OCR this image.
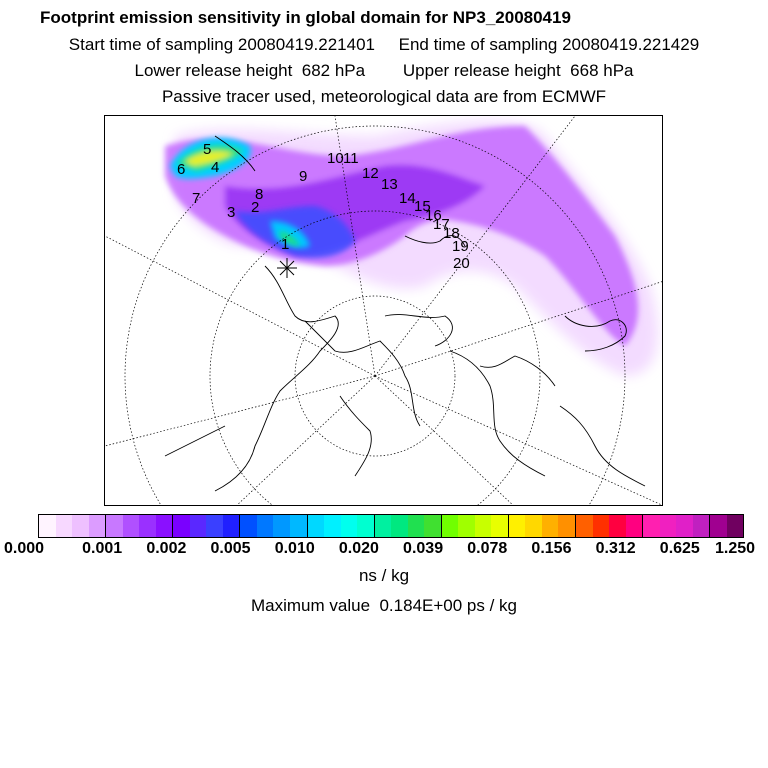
Footprint emission sensitivity in global domain for NP3_20080419
Start time of sampling 20080419.221401     End time of sampling 20080419.221429
Lower release height  682 hPa        Upper release height  668 hPa
Passive tracer used, meteorological data are from ECMWF
1
2
3
4
5
6
7	8
9
10 11
12
13
14
15
16
17
18
19
20
0.000 0.001 0.002 0.005 0.010 0.020 0.039 0.078 0.156 0.312 0.625 1.250
ns / kg
Maximum value  0.184E+00 ps / kg
